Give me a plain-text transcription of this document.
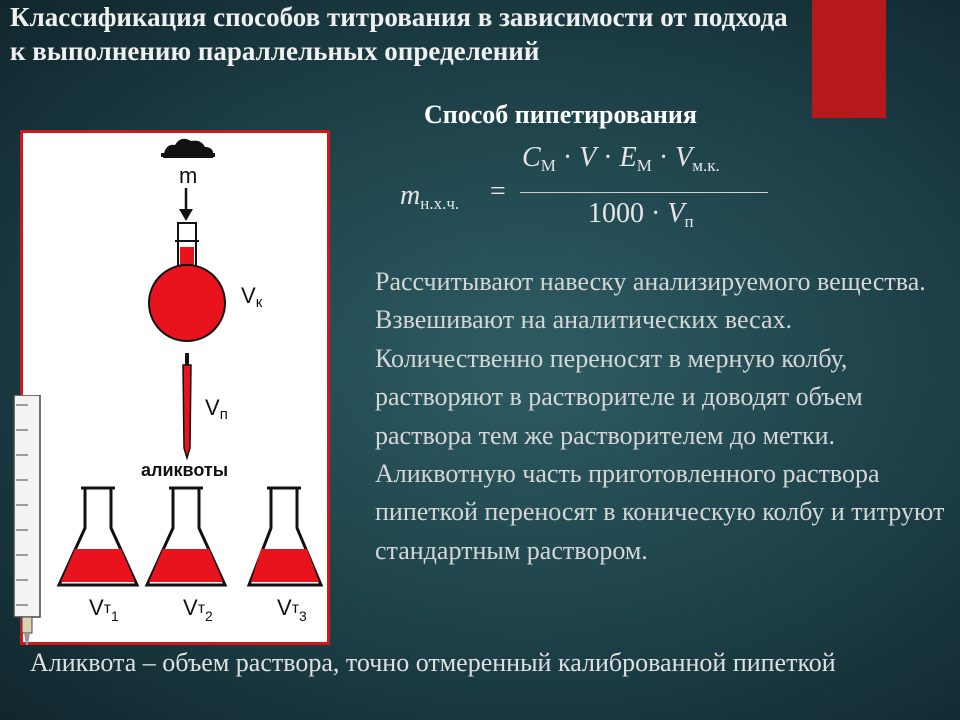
Классификация способов титрования в зависимости от подхода
к выполнению параллельных определений
Способ пипетирования
$m_{н.х.ч.}$ =
$C_М \cdot V \cdot E_М \cdot V_{м.к.}$
$1000 \cdot V_п$
m
Vк
Vп
аликвоты
$Vт_1$	$Vт_2$	$Vт_3$
Рассчитывают навеску анализируемого вещества. Взвешивают на аналитических весах. Количественно переносят в мерную колбу, растворяют в растворителе и доводят объем раствора тем же растворителем до метки. Аликвотную часть приготовленного раствора пипеткой переносят в коническую колбу и титруют стандартным раствором.
Аликвота – объем раствора, точно отмеренный калиброванной пипеткой
